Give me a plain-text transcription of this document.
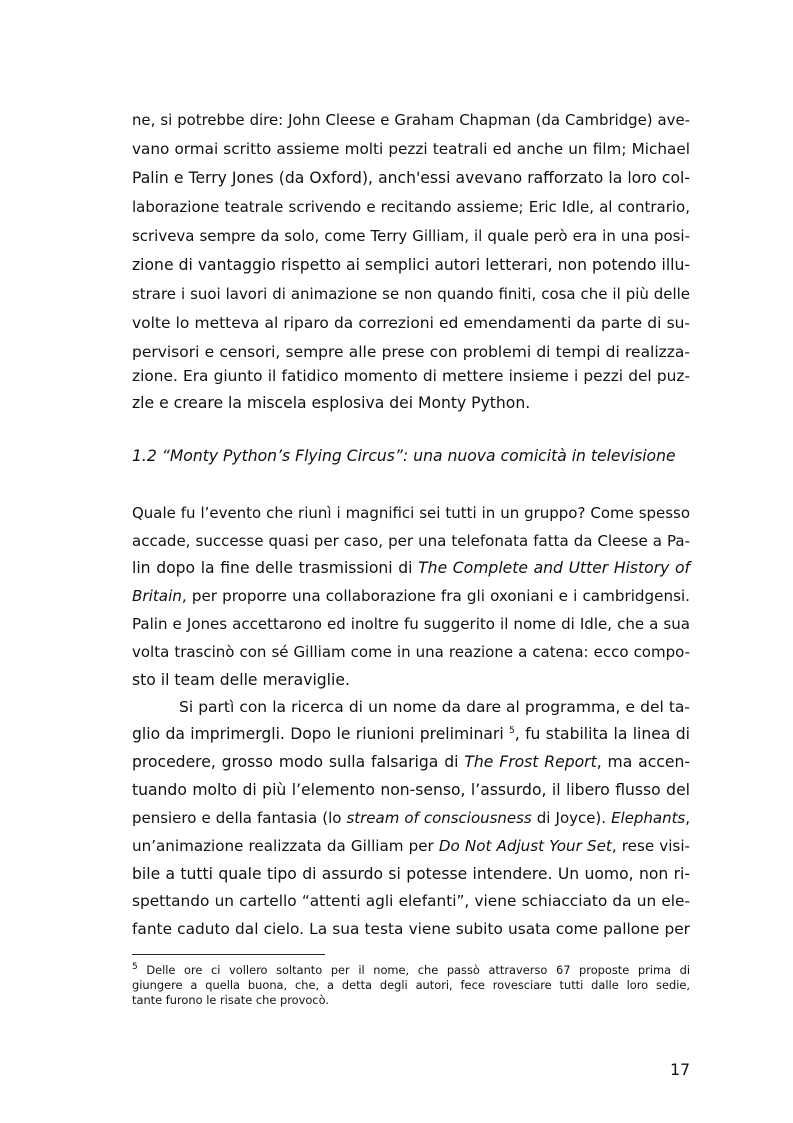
ne, si potrebbe dire: John Cleese e Graham Chapman (da Cambridge) ave-

vano ormai scritto assieme molti pezzi teatrali ed anche un film; Michael

Palin e Terry Jones (da Oxford), anch'essi avevano rafforzato la loro col-

laborazione teatrale scrivendo e recitando assieme; Eric Idle, al contrario,

scriveva sempre da solo, come Terry Gilliam, il quale però era in una posi-

zione di vantaggio rispetto ai semplici autori letterari, non potendo illu-

strare i suoi lavori di animazione se non quando finiti, cosa che il più delle

volte lo metteva al riparo da correzioni ed emendamenti da parte di su-

pervisori e censori, sempre alle prese con problemi di tempi di realizza-

zione. Era giunto il fatidico momento di mettere insieme i pezzi del puz-

zle e creare la miscela esplosiva dei Monty Python.

1.2 “Monty Python’s Flying Circus”: una nuova comicità in televisione

Quale fu l’evento che riunì i magnifici sei tutti in un gruppo? Come spesso

accade, successe quasi per caso, per una telefonata fatta da Cleese a Pa-

lin dopo la fine delle trasmissioni di The Complete and Utter History of

Britain, per proporre una collaborazione fra gli oxoniani e i cambridgensi.

Palin e Jones accettarono ed inoltre fu suggerito il nome di Idle, che a sua

volta trascinò con sé Gilliam come in una reazione a catena: ecco compo-

sto il team delle meraviglie.

Si partì con la ricerca di un nome da dare al programma, e del ta-

glio da imprimergli. Dopo le riunioni preliminari $^5$, fu stabilita la linea di

procedere, grosso modo sulla falsariga di The Frost Report, ma accen-

tuando molto di più l’elemento non-senso, l’assurdo, il libero flusso del

pensiero e della fantasia (lo stream of consciousness di Joyce). Elephants,

un’animazione realizzata da Gilliam per Do Not Adjust Your Set, rese visi-

bile a tutti quale tipo di assurdo si potesse intendere. Un uomo, non ri-

spettando un cartello “attenti agli elefanti”, viene schiacciato da un ele-

fante caduto dal cielo. La sua testa viene subito usata come pallone per

$^5$ Delle ore ci vollero soltanto per il nome, che passò attraverso 67 proposte prima di

giungere a quella buona, che, a detta degli autori, fece rovesciare tutti dalle loro sedie,

tante furono le risate che provocò.

17
